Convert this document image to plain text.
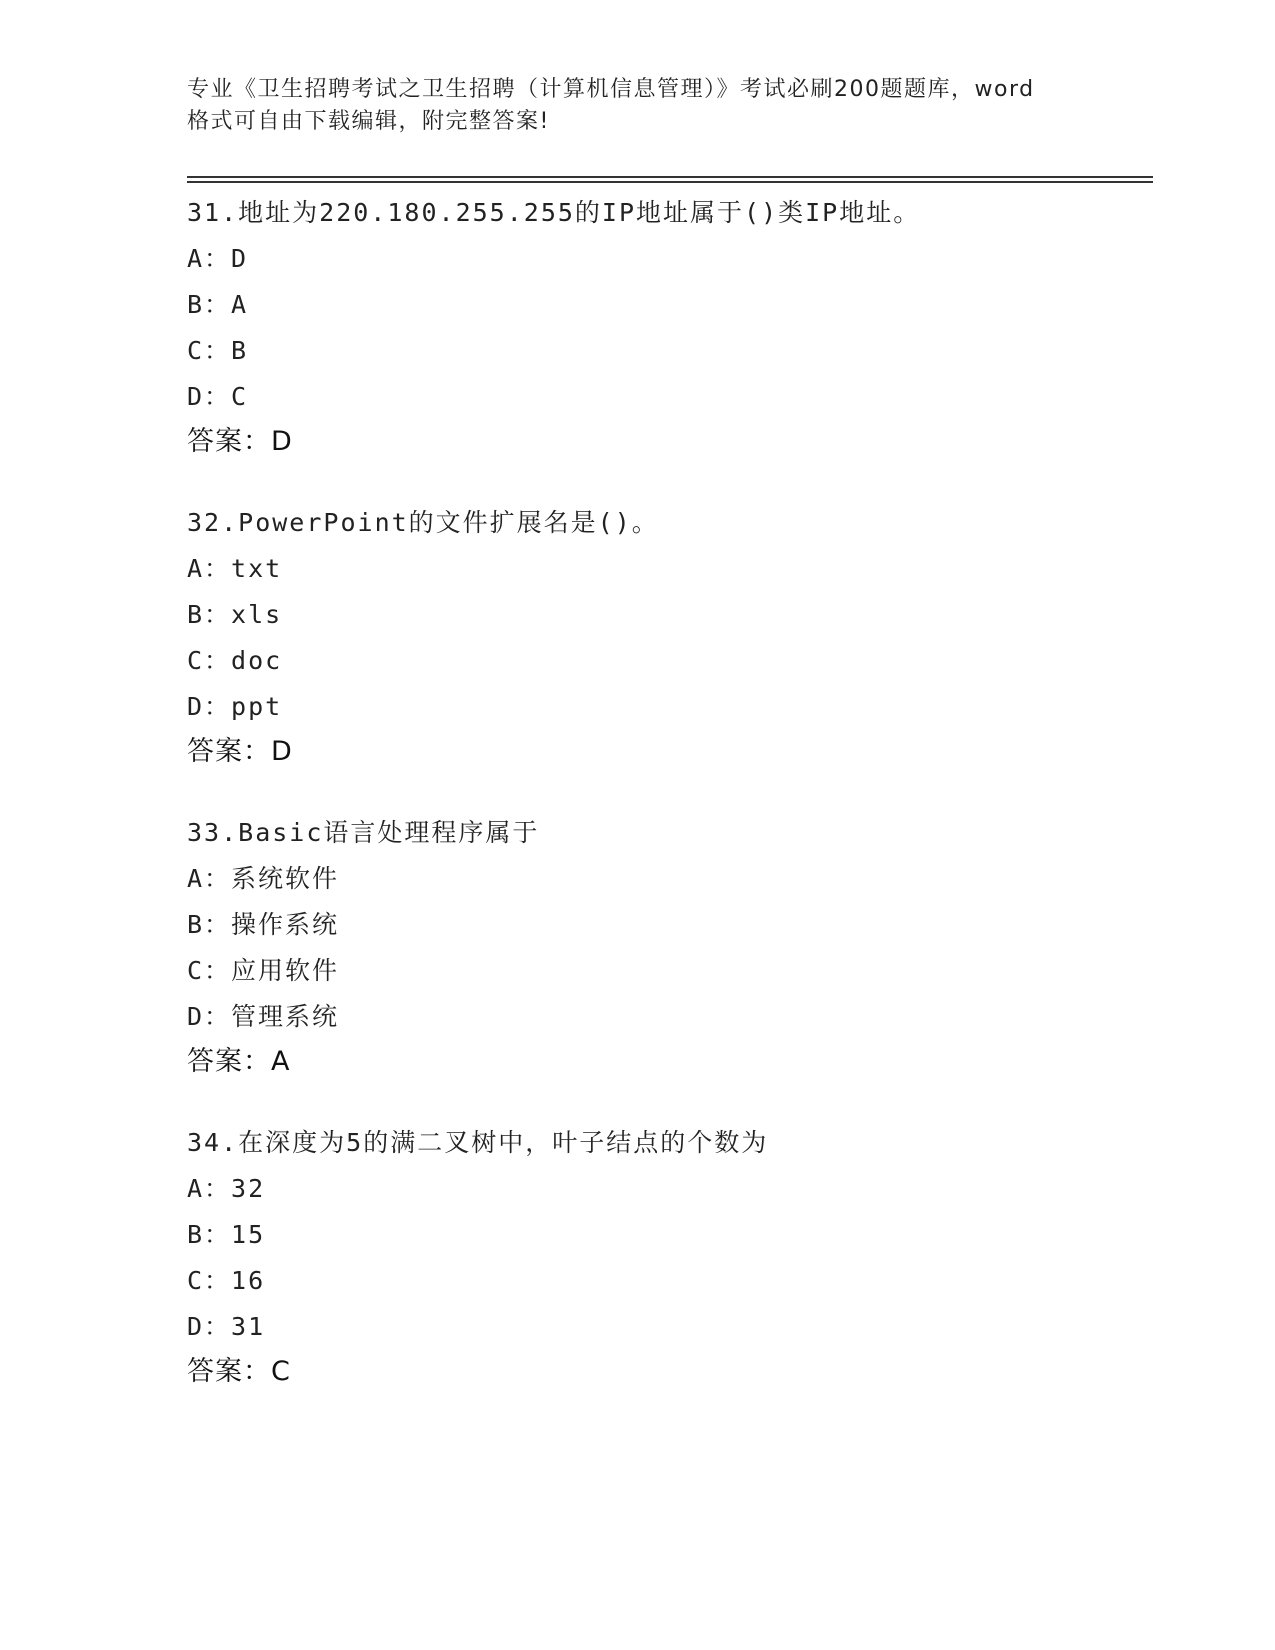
专业《卫生招聘考试之卫生招聘（计算机信息管理）》考试必刷200题题库，word
格式可自由下载编辑，附完整答案!
31.地址为220.180.255.255的IP地址属于()类IP地址。
A：D
B：A
C：B
D：C
答案：D
32.PowerPoint的文件扩展名是()。
A：txt
B：xls
C：doc
D：ppt
答案：D
33.Basic语言处理程序属于
A：系统软件
B：操作系统
C：应用软件
D：管理系统
答案：A
34.在深度为5的满二叉树中，叶子结点的个数为
A：32
B：15
C：16
D：31
答案：C
